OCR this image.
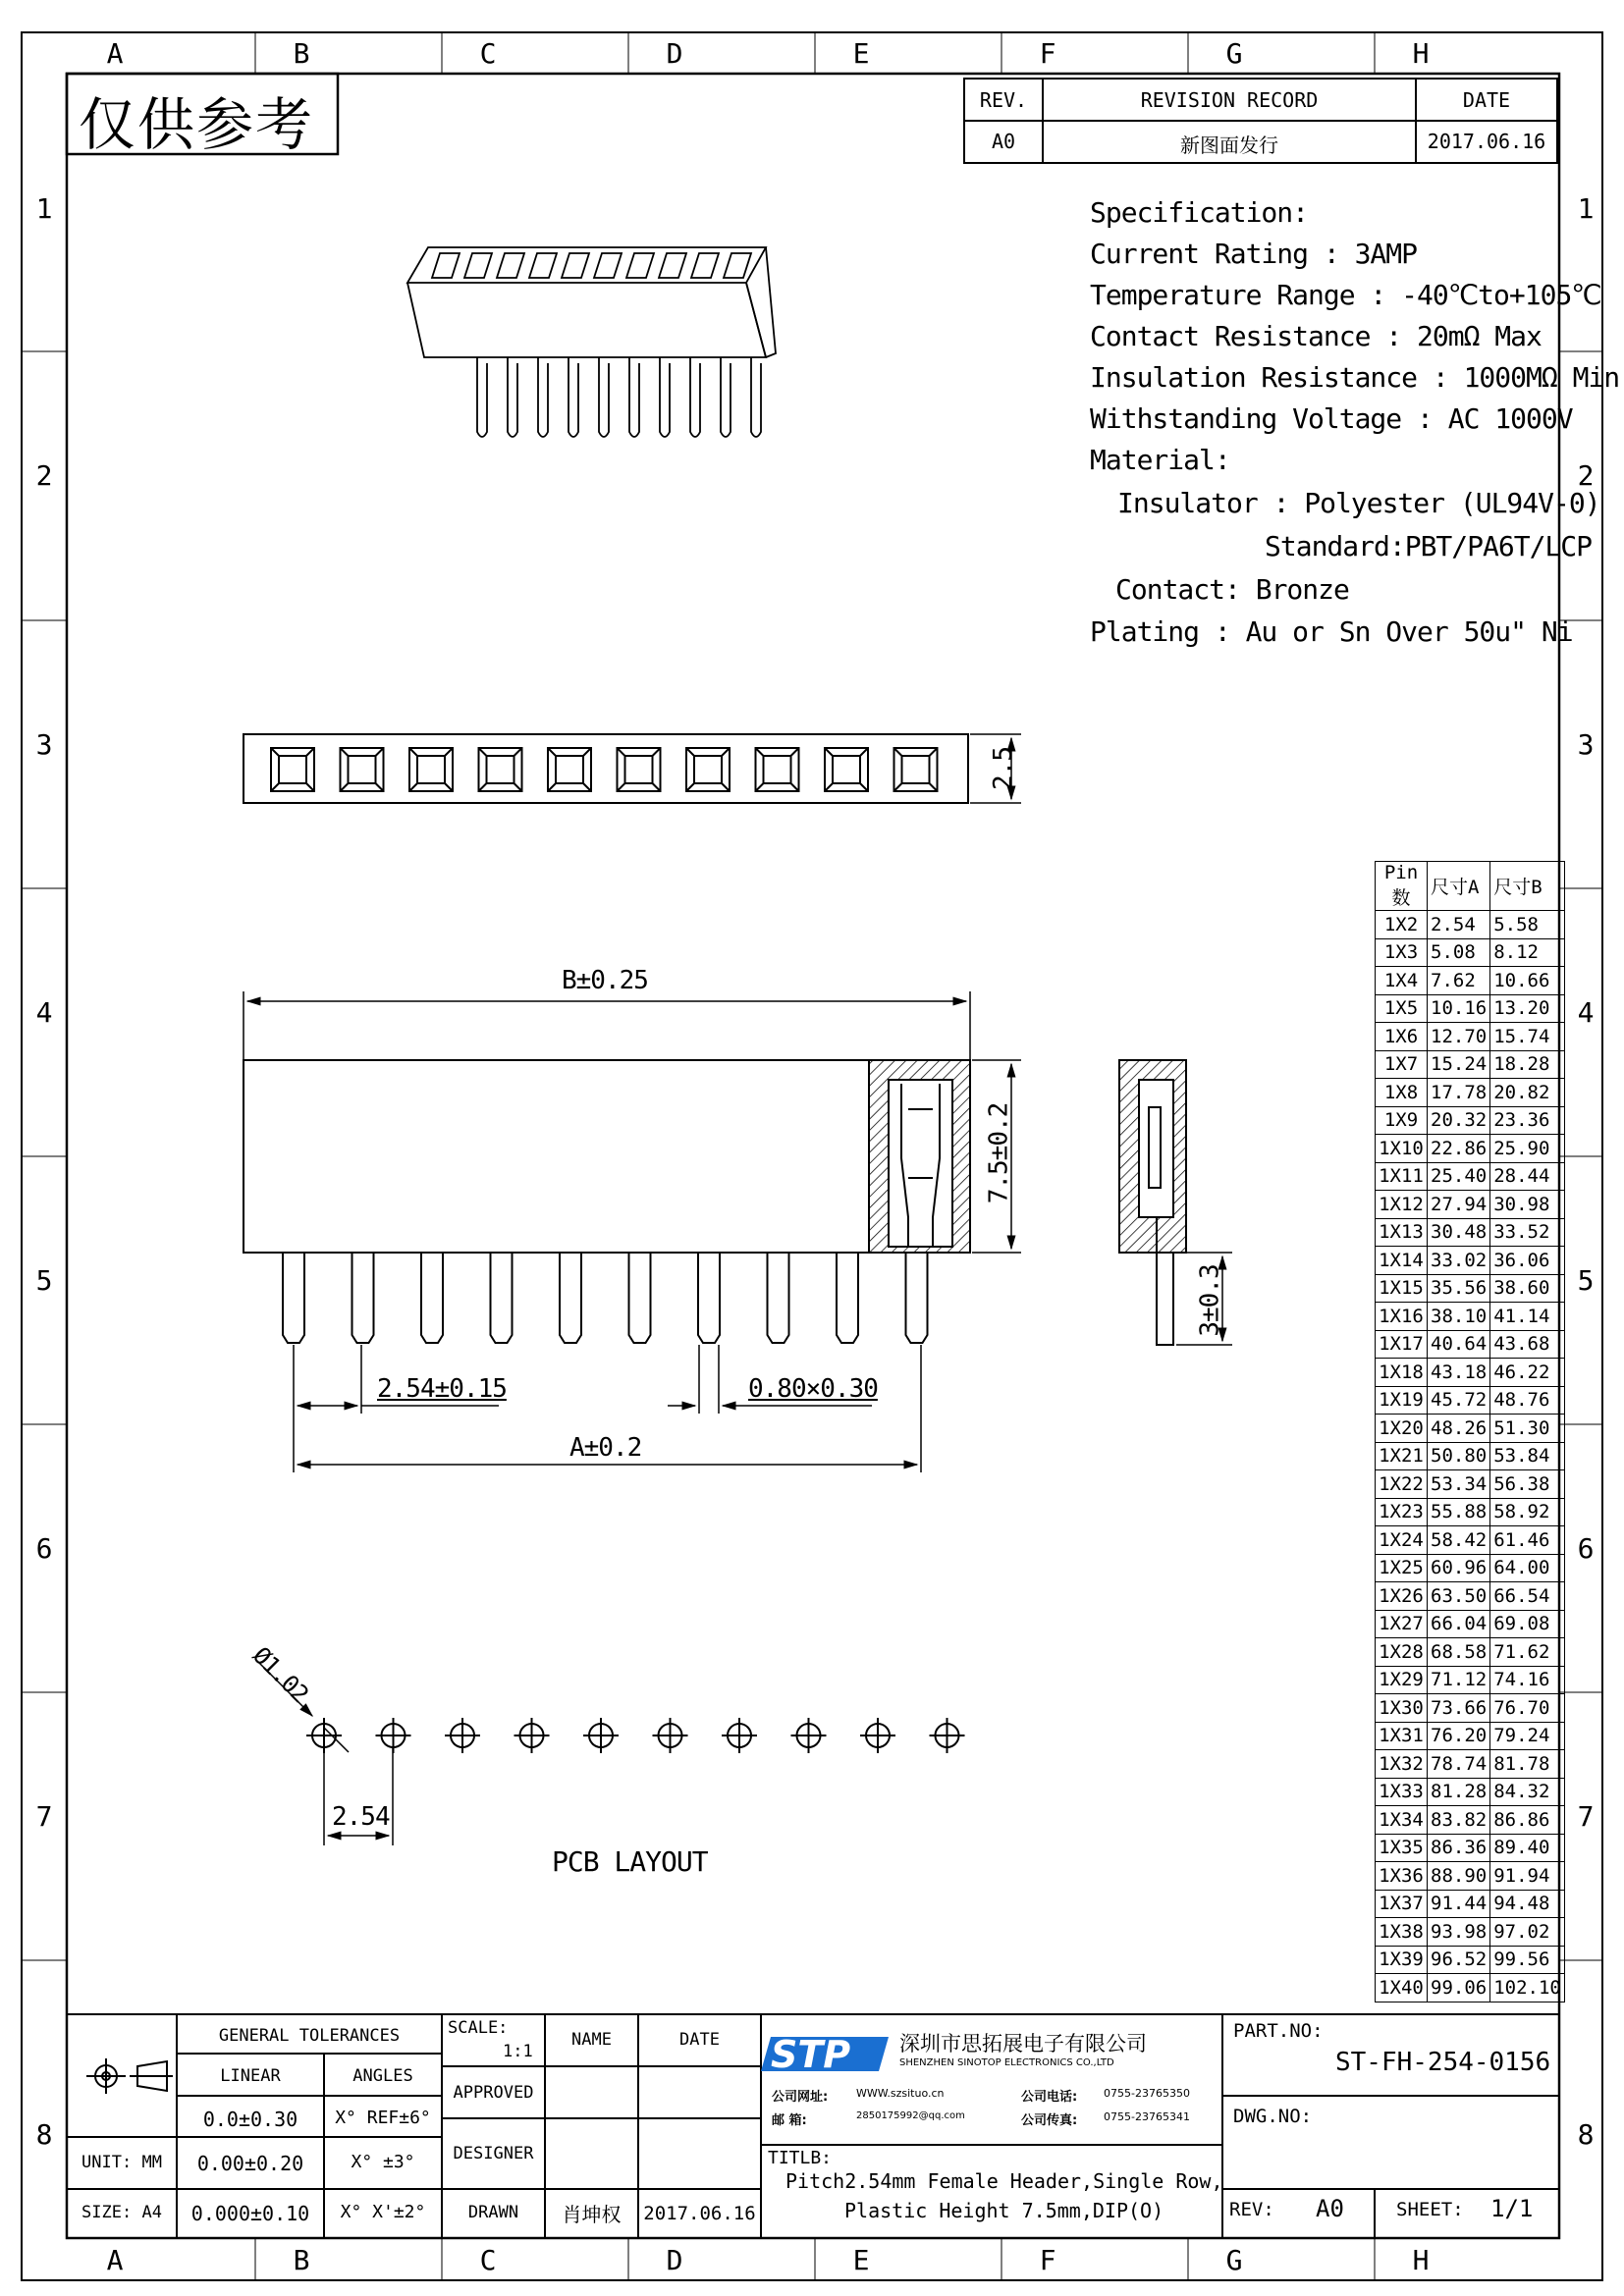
STP
A
A
B
B
C
C
D
D
E
E
F
F
G
G
H
H
1	1
2	2
3	3
4	4
5	5
6	6
7	7
8	8
仅供参考	REV.	REVISION RECORD	DATE
A0	新图面发行	2017.06.16
Specification:
Current Rating : 3AMP
Temperature Range : -40℃to+105℃
Contact Resistance : 20mΩ Max
Insulation Resistance : 1000MΩ Min
Withstanding Voltage : AC 1000V
Material:
Insulator : Polyester (UL94V-0)
Standard:PBT/PA6T/LCP
Contact: Bronze
Plating : Au or Sn Over 50u" Ni
2.5
B±0.25
7.5±0.2
3±0.3
2.54±0.15	0.80×0.30
A±0.2
Ø1.02
2.54
PCB LAYOUT
Pin数	尺寸A	尺寸B
1X2	2.54	5.58
1X3	5.08	8.12
1X4	7.62	10.66
1X5	10.16	13.20
1X6	12.70	15.74
1X7	15.24	18.28
1X8	17.78	20.82
1X9	20.32	23.36
1X10	22.86	25.90
1X11	25.40	28.44
1X12	27.94	30.98
1X13	30.48	33.52
1X14	33.02	36.06
1X15	35.56	38.60
1X16	38.10	41.14
1X17	40.64	43.68
1X18	43.18	46.22
1X19	45.72	48.76
1X20	48.26	51.30
1X21	50.80	53.84
1X22	53.34	56.38
1X23	55.88	58.92
1X24	58.42	61.46
1X25	60.96	64.00
1X26	63.50	66.54
1X27	66.04	69.08
1X28	68.58	71.62
1X29	71.12	74.16
1X30	73.66	76.70
1X31	76.20	79.24
1X32	78.74	81.78
1X33	81.28	84.32
1X34	83.82	86.86
1X35	86.36	89.40
1X36	88.90	91.94
1X37	91.44	94.48
1X38	93.98	97.02
1X39	96.52	99.56
1X40	99.06	102.10
GENERAL TOLERANCES
LINEAR	ANGLES
0.0±0.30	X° REF±6°
UNIT: MM	0.00±0.20	X° ±3°
SIZE: A4	0.000±0.10	X° X'±2°
SCALE:
1:1
NAME	DATE
APPROVED
DESIGNER
DRAWN	肖坤权	2017.06.16
深圳市思拓展电子有限公司
SHENZHEN SINOTOP ELECTRONICS CO.,LTD
公司网址:	WWW.szsituo.cn	公司电话: 0755-23765350
邮 箱:	2850175992@qq.com	公司传真: 0755-23765341
TITLB:
Pitch2.54mm Female Header,Single Row,
Plastic Height 7.5mm,DIP(O)
PART.NO:
ST-FH-254-0156
DWG.NO:
REV: A0	SHEET: 1/1
